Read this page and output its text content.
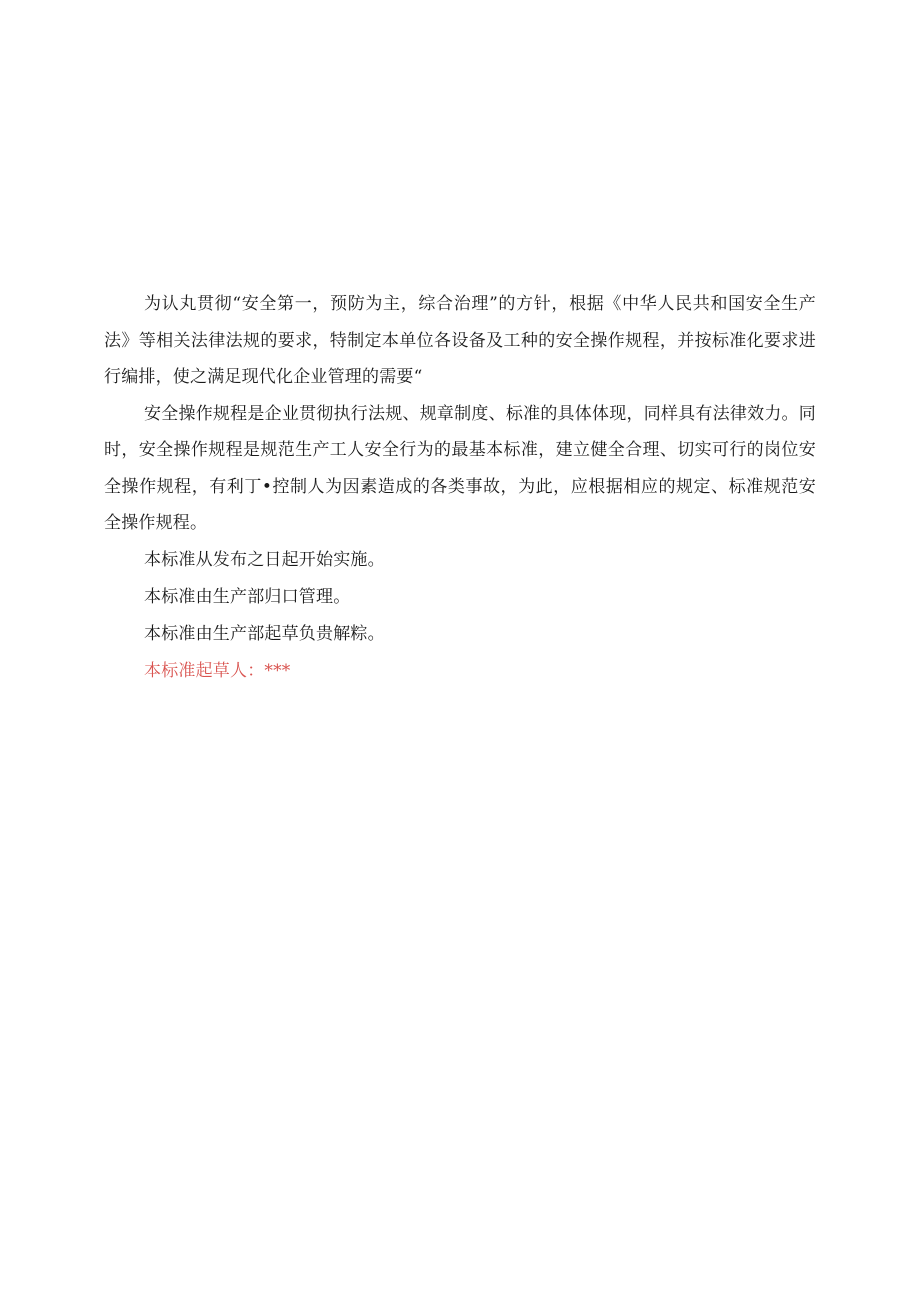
为认丸贯彻“安全第一，预防为主，综合治理”的方针，根据《中华人民共和国安全生产法》等相关法律法规的要求，特制定本单位各设备及工种的安全操作规程，并按标准化要求进行编排，使之满足现代化企业管理的需要“

安全操作规程是企业贯彻执行法规、规章制度、标准的具体体现，同样具有法律效力。同时，安全操作规程是规范生产工人安全行为的最基本标准，建立健全合理、切实可行的岗位安全操作规程，有利丁•控制人为因素造成的各类事故，为此，应根据相应的规定、标准规范安全操作规程。

本标准从发布之日起开始实施。

本标准由生产部归口管理。

本标准由生产部起草负贵解粽。

本标准起草人：***
